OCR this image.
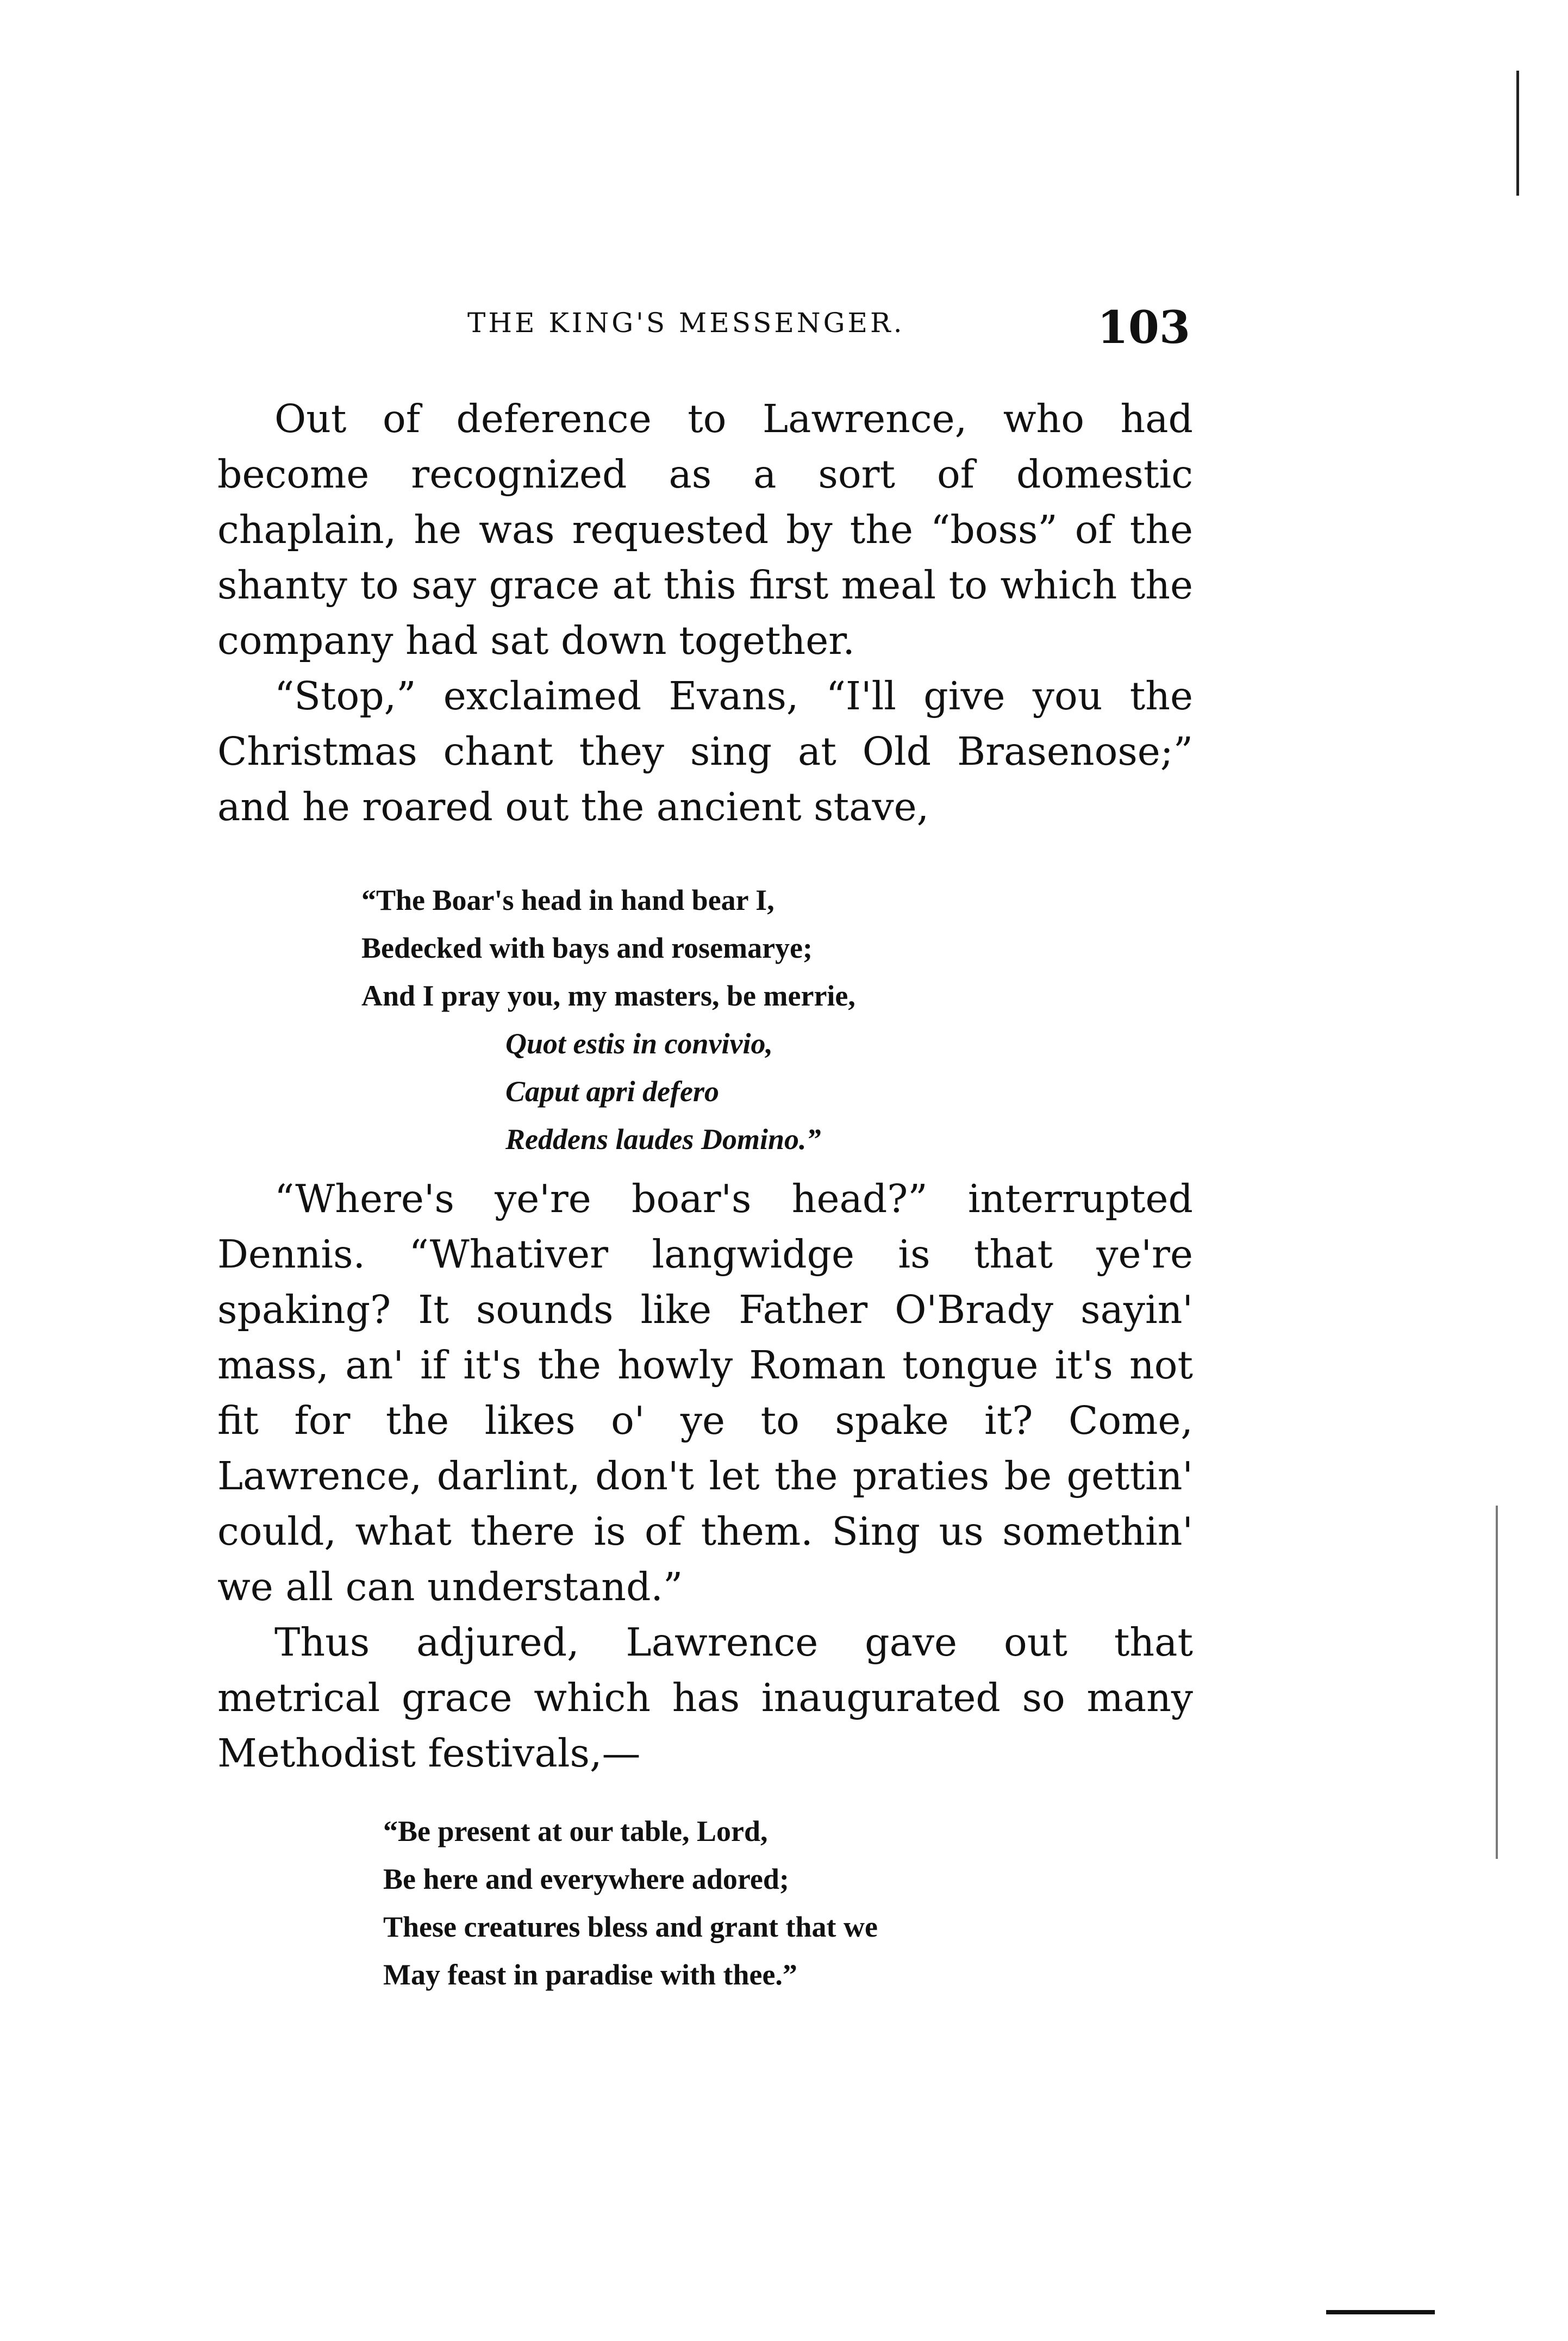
THE KING'S MESSENGER.	103

Out of deference to Lawrence, who had become recognized as a sort of domestic chaplain, he was requested by the “boss” of the shanty to say grace at this first meal to which the company had sat down together.

“Stop,” exclaimed Evans, “I'll give you the Christmas chant they sing at Old Brasenose;” and he roared out the ancient stave,

“The Boar's head in hand bear I,
Bedecked with bays and rosemarye;
And I pray you, my masters, be merrie,
Quot estis in convivio,
Caput apri defero
Reddens laudes Domino.”

“Where's ye're boar's head?” interrupted Dennis. “Whativer langwidge is that ye're spaking? It sounds like Father O'Brady sayin' mass, an' if it's the howly Roman tongue it's not fit for the likes o' ye to spake it? Come, Lawrence, darlint, don't let the praties be gettin' could, what there is of them. Sing us somethin' we all can understand.”

Thus adjured, Lawrence gave out that metrical grace which has inaugurated so many Methodist festivals,—

“Be present at our table, Lord,
Be here and everywhere adored;
These creatures bless and grant that we
May feast in paradise with thee.”
